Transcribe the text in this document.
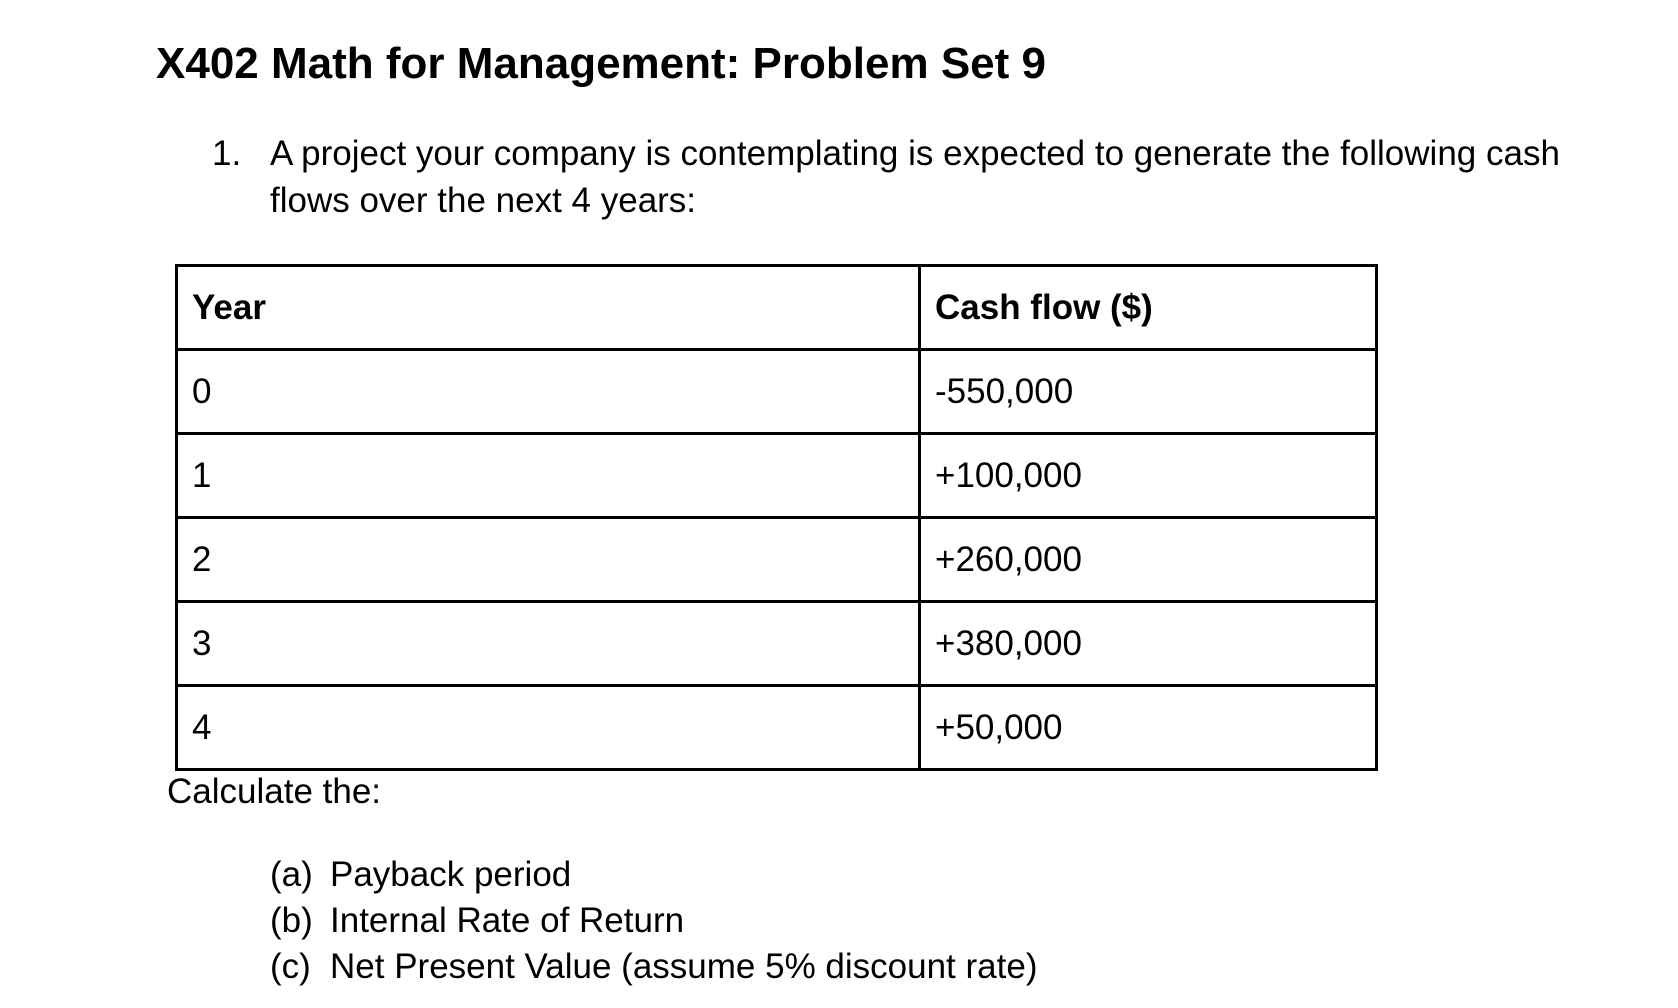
X402 Math for Management: Problem Set 9
1. A project your company is contemplating is expected to generate the following cash flows over the next 4 years:
Year	Cash flow ($)
0	-550,000
1	+100,000
2	+260,000
3	+380,000
4	+50,000
Calculate the:
(a) Payback period
(b) Internal Rate of Return
(c) Net Present Value (assume 5% discount rate)
